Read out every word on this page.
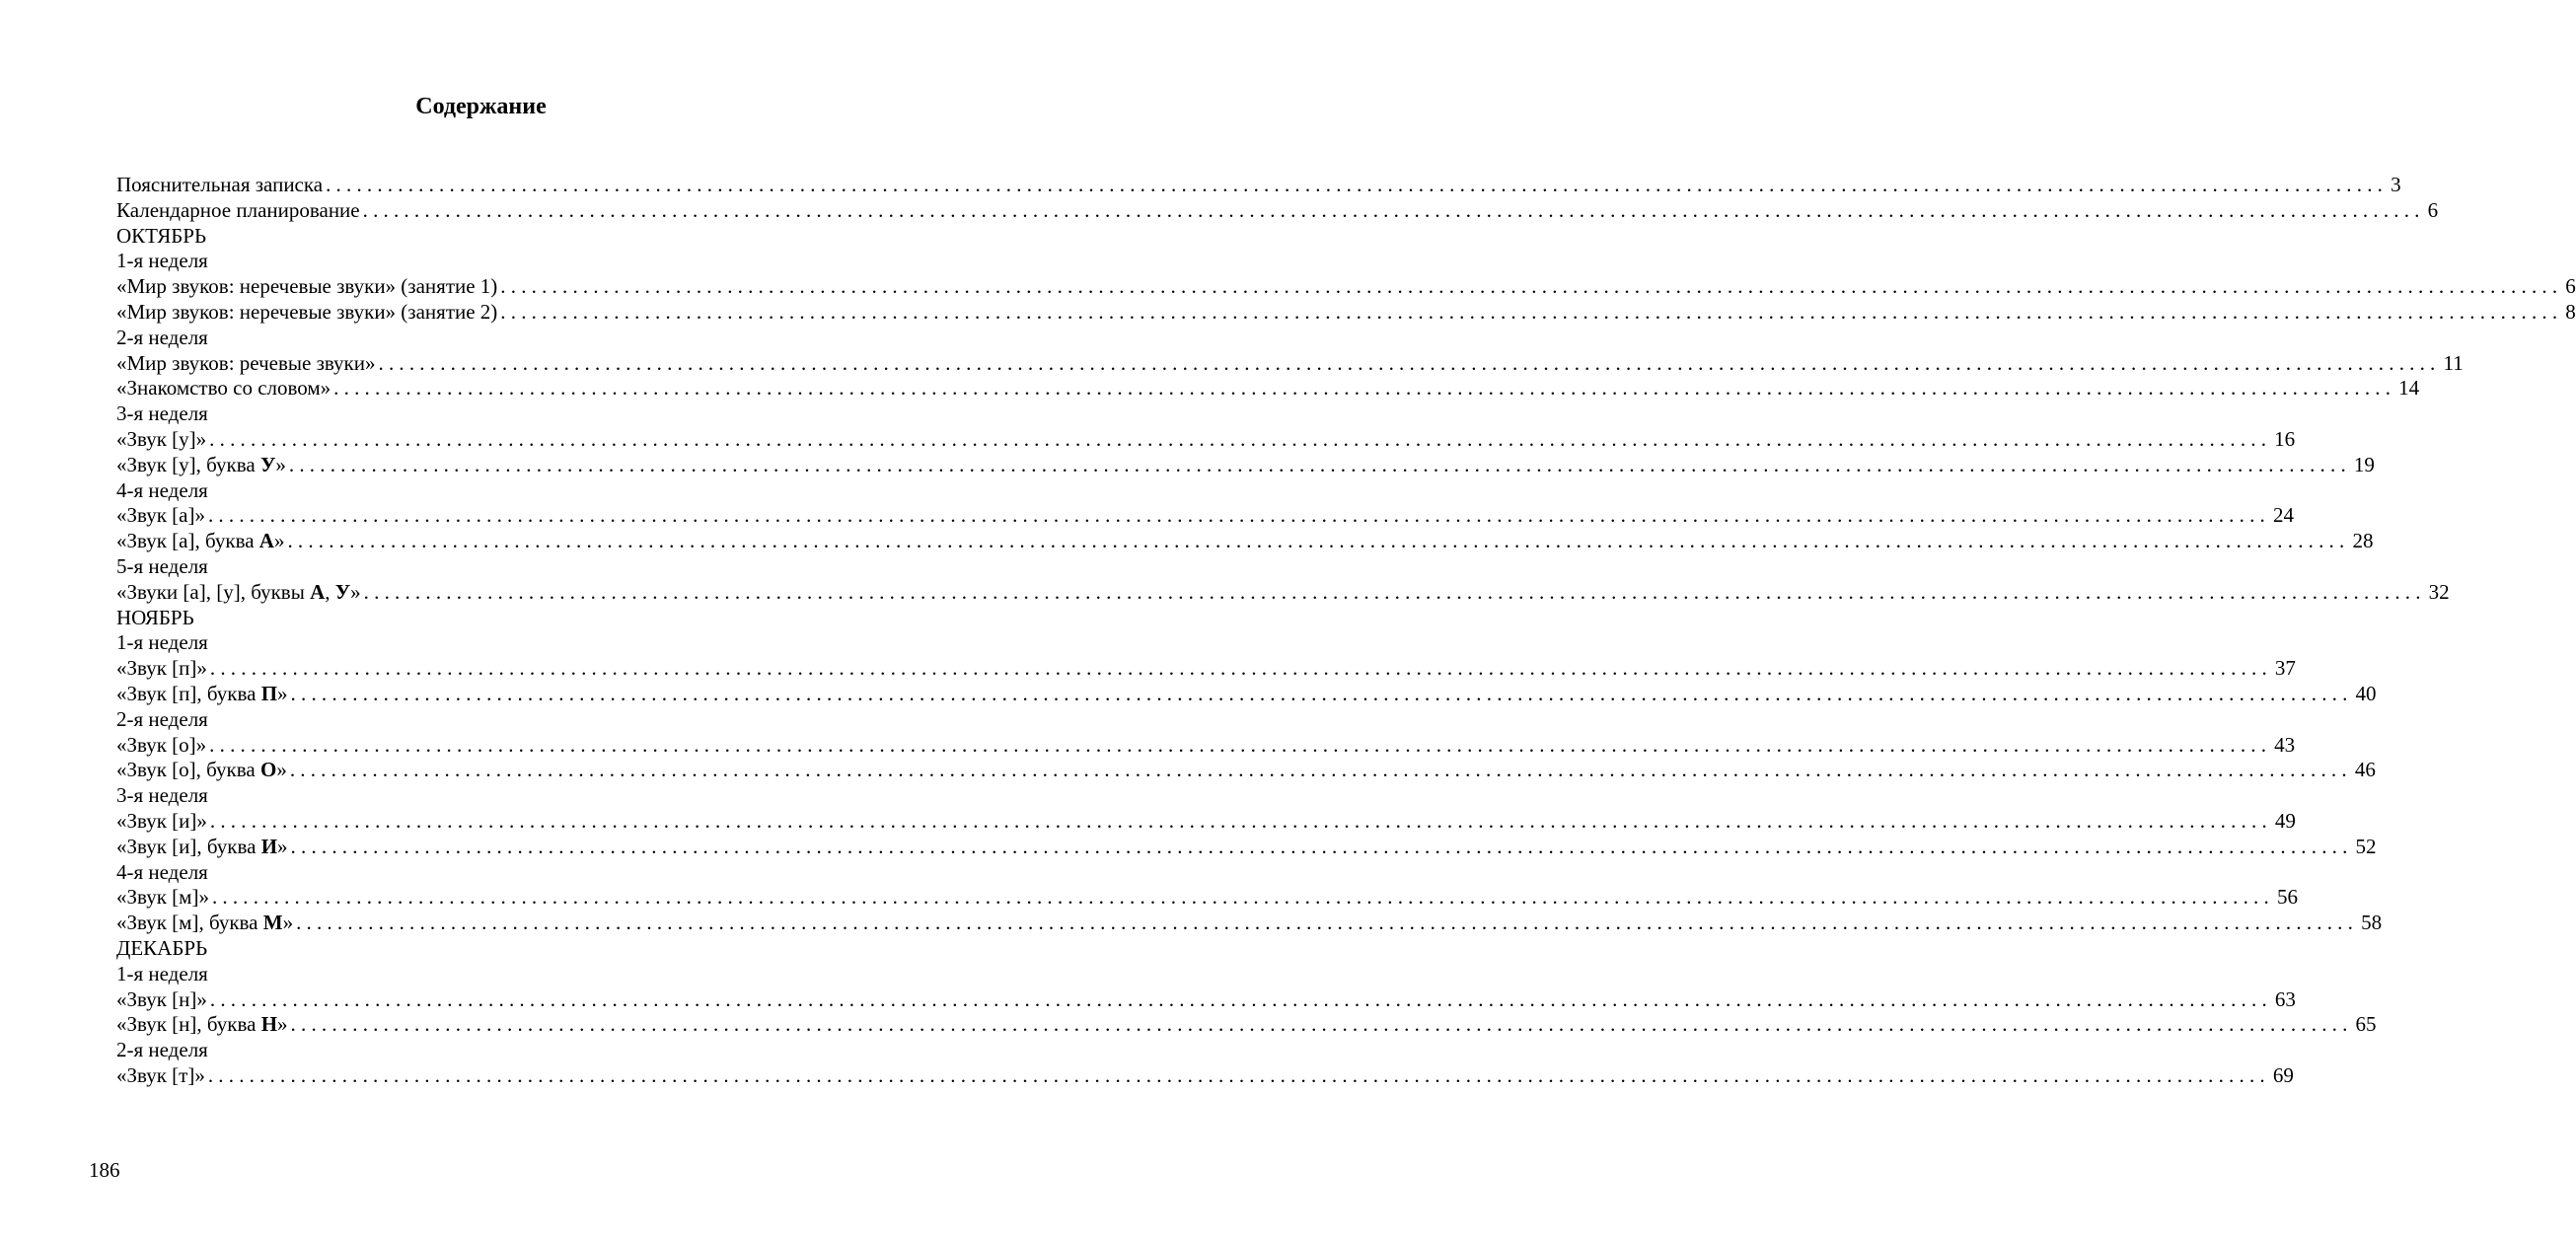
Содержание
Пояснительная записка ........................................................................................................................................................................................................ 3
Календарное планирование ........................................................................................................................................................................................................ 6
ОКТЯБРЬ
1-я неделя
«Мир звуков: неречевые звуки» (занятие 1) ........................................................................................................................................................................................................ 6
«Мир звуков: неречевые звуки» (занятие 2) ........................................................................................................................................................................................................ 8
2-я неделя
«Мир звуков: речевые звуки» ........................................................................................................................................................................................................ 11
«Знакомство со словом» ........................................................................................................................................................................................................ 14
3-я неделя
«Звук [у]» ........................................................................................................................................................................................................ 16
«Звук [у], буква У» ........................................................................................................................................................................................................ 19
4-я неделя
«Звук [а]» ........................................................................................................................................................................................................ 24
«Звук [а], буква А» ........................................................................................................................................................................................................ 28
5-я неделя
«Звуки [а], [у], буквы А, У» ........................................................................................................................................................................................................ 32
НОЯБРЬ
1-я неделя
«Звук [п]» ........................................................................................................................................................................................................ 37
«Звук [п], буква П» ........................................................................................................................................................................................................ 40
2-я неделя
«Звук [о]» ........................................................................................................................................................................................................ 43
«Звук [о], буква О» ........................................................................................................................................................................................................ 46
3-я неделя
«Звук [и]» ........................................................................................................................................................................................................ 49
«Звук [и], буква И» ........................................................................................................................................................................................................ 52
4-я неделя
«Звук [м]» ........................................................................................................................................................................................................ 56
«Звук [м], буква М» ........................................................................................................................................................................................................ 58
ДЕКАБРЬ
1-я неделя
«Звук [н]» ........................................................................................................................................................................................................ 63
«Звук [н], буква Н» ........................................................................................................................................................................................................ 65
2-я неделя
«Звук [т]» ........................................................................................................................................................................................................ 69
186
